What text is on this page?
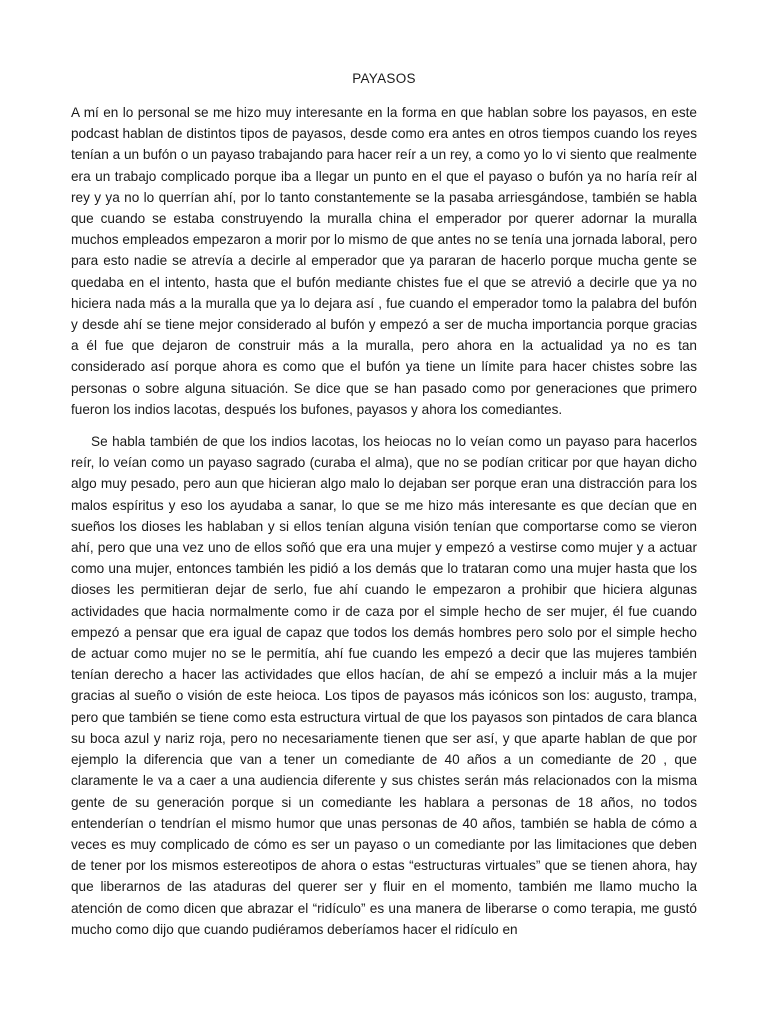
PAYASOS

A mí en lo personal se me hizo muy interesante en la forma en que hablan sobre los payasos, en este podcast hablan de distintos tipos de payasos, desde como era antes en otros tiempos cuando los reyes tenían a un bufón o un payaso trabajando para hacer reír a un rey, a como yo lo vi siento que realmente era un trabajo complicado porque iba a llegar un punto en el que el payaso o bufón ya no haría reír al rey y ya no lo querrían ahí, por lo tanto constantemente se la pasaba arriesgándose, también se habla que cuando se estaba construyendo la muralla china el emperador por querer adornar la muralla muchos empleados empezaron a morir por lo mismo de que antes no se tenía una jornada laboral, pero para esto nadie se atrevía a decirle al emperador que ya pararan de hacerlo porque mucha gente se quedaba en el intento, hasta que el bufón mediante chistes fue el que se atrevió a decirle que ya no hiciera nada más a la muralla que ya lo dejara así , fue cuando el emperador tomo la palabra del bufón y desde ahí se tiene mejor considerado al bufón y empezó a ser de mucha importancia porque gracias a él fue que dejaron de construir más a la muralla, pero ahora en la actualidad ya no es tan considerado así porque ahora es como que el bufón ya tiene un límite para hacer chistes sobre las personas o sobre alguna situación. Se dice que se han pasado como por generaciones que primero fueron los indios lacotas, después los bufones, payasos y ahora los comediantes.

Se habla también de que los indios lacotas, los heiocas no lo veían como un payaso para hacerlos reír, lo veían como un payaso sagrado (curaba el alma), que no se podían criticar por que hayan dicho algo muy pesado, pero aun que hicieran algo malo lo dejaban ser porque eran una distracción para los malos espíritus y eso los ayudaba a sanar, lo que se me hizo más interesante es que decían que en sueños los dioses les hablaban y si ellos tenían alguna visión tenían que comportarse como se vieron ahí, pero que una vez uno de ellos soñó que era una mujer y empezó a vestirse como mujer y a actuar como una mujer, entonces también les pidió a los demás que lo trataran como una mujer hasta que los dioses les permitieran dejar de serlo, fue ahí cuando le empezaron a prohibir que hiciera algunas actividades que hacia normalmente como ir de caza por el simple hecho de ser mujer, él fue cuando empezó a pensar que era igual de capaz que todos los demás hombres pero solo por el simple hecho de actuar como mujer no se le permitía, ahí fue cuando les empezó a decir que las mujeres también tenían derecho a hacer las actividades que ellos hacían, de ahí se empezó a incluir más a la mujer gracias al sueño o visión de este heioca. Los tipos de payasos más icónicos son los: augusto, trampa, pero que también se tiene como esta estructura virtual de que los payasos son pintados de cara blanca su boca azul y nariz roja, pero no necesariamente tienen que ser así, y que aparte hablan de que por ejemplo la diferencia que van a tener un comediante de 40 años a un comediante de 20 , que claramente le va a caer a una audiencia diferente y sus chistes serán más relacionados con la misma gente de su generación porque si un comediante les hablara a personas de 18 años, no todos entenderían o tendrían el mismo humor que unas personas de 40 años, también se habla de cómo a veces es muy complicado de cómo es ser un payaso o un comediante por las limitaciones que deben de tener por los mismos estereotipos de ahora o estas “estructuras virtuales” que se tienen ahora, hay que liberarnos de las ataduras del querer ser y fluir en el momento, también me llamo mucho la atención de como dicen que abrazar el “ridículo” es una manera de liberarse o como terapia, me gustó mucho como dijo que cuando pudiéramos deberíamos hacer el ridículo en
